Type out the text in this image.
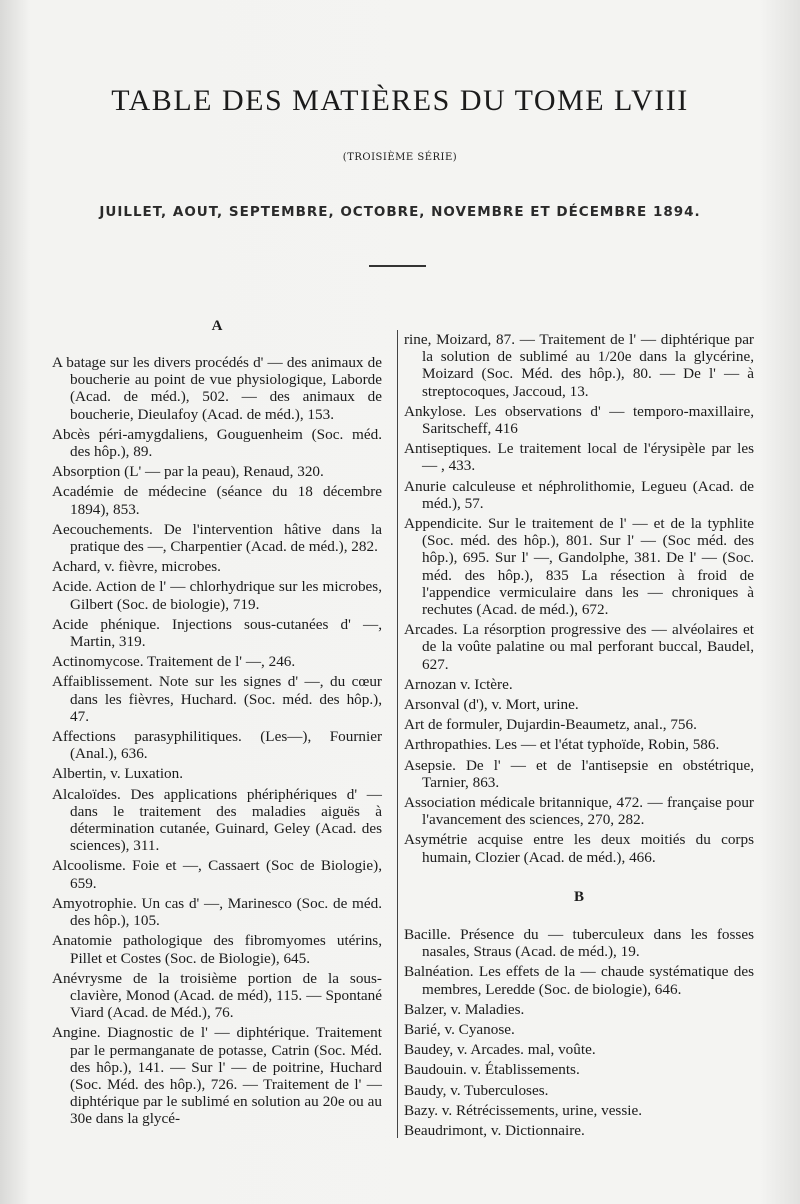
TABLE DES MATIÈRES DU TOME LVIII
(TROISIÈME SÉRIE)
JUILLET, AOUT, SEPTEMBRE, OCTOBRE, NOVEMBRE ET DÉCEMBRE 1894.
A

A batage sur les divers procédés d' — des animaux de boucherie au point de vue physiologique, Laborde (Acad. de méd.), 502. — des animaux de boucherie, Dieulafoy (Acad. de méd.), 153.

Abcès péri-amygdaliens, Gouguenheim (Soc. méd. des hôp.), 89.

Absorption (L' — par la peau), Renaud, 320.

Académie de médecine (séance du 18 décembre 1894), 853.

Aecouchements. De l'intervention hâtive dans la pratique des —, Charpentier (Acad. de méd.), 282.

Achard, v. fièvre, microbes.

Acide. Action de l' — chlorhydrique sur les microbes, Gilbert (Soc. de biologie), 719.

Acide phénique. Injections sous-cutanées d' —, Martin, 319.

Actinomycose. Traitement de l' —, 246.

Affaiblissement. Note sur les signes d' —, du cœur dans les fièvres, Huchard. (Soc. méd. des hôp.), 47.

Affections parasyphilitiques. (Les—), Fournier (Anal.), 636.

Albertin, v. Luxation.

Alcaloïdes. Des applications phériphériques d' — dans le traitement des maladies aiguës à détermination cutanée, Guinard, Geley (Acad. des sciences), 311.

Alcoolisme. Foie et —, Cassaert (Soc de Biologie), 659.

Amyotrophie. Un cas d' —, Marinesco (Soc. de méd. des hôp.), 105.

Anatomie pathologique des fibromyomes utérins, Pillet et Costes (Soc. de Biologie), 645.

Anévrysme de la troisième portion de la sous-clavière, Monod (Acad. de méd), 115. — Spontané Viard (Acad. de Méd.), 76.

Angine. Diagnostic de l' — diphtérique. Traitement par le permanganate de potasse, Catrin (Soc. Méd. des hôp.), 141. — Sur l' — de poitrine, Huchard (Soc. Méd. des hôp.), 726. — Traitement de l' — diphtérique par le sublimé en solution au 20e ou au 30e dans la glycé-

rine, Moizard, 87. — Traitement de l' — diphtérique par la solution de sublimé au 1/20e dans la glycérine, Moizard (Soc. Méd. des hôp.), 80. — De l' — à streptocoques, Jaccoud, 13.

Ankylose. Les observations d' — temporo-maxillaire, Saritscheff, 416

Antiseptiques. Le traitement local de l'érysipèle par les — , 433.

Anurie calculeuse et néphrolithomie, Legueu (Acad. de méd.), 57.

Appendicite. Sur le traitement de l' — et de la typhlite (Soc. méd. des hôp.), 801. Sur l' — (Soc méd. des hôp.), 695. Sur l' —, Gandolphe, 381. De l' — (Soc. méd. des hôp.), 835 La résection à froid de l'appendice vermiculaire dans les — chroniques à rechutes (Acad. de méd.), 672.

Arcades. La résorption progressive des — alvéolaires et de la voûte palatine ou mal perforant buccal, Baudel, 627.

Arnozan v. Ictère.

Arsonval (d'), v. Mort, urine.

Art de formuler, Dujardin-Beaumetz, anal., 756.

Arthropathies. Les — et l'état typhoïde, Robin, 586.

Asepsie. De l' — et de l'antisepsie en obstétrique, Tarnier, 863.

Association médicale britannique, 472. — française pour l'avancement des sciences, 270, 282.

Asymétrie acquise entre les deux moitiés du corps humain, Clozier (Acad. de méd.), 466.

B

Bacille. Présence du — tuberculeux dans les fosses nasales, Straus (Acad. de méd.), 19.

Balnéation. Les effets de la — chaude systématique des membres, Leredde (Soc. de biologie), 646.

Balzer, v. Maladies.

Barié, v. Cyanose.

Baudey, v. Arcades. mal, voûte.

Baudouin. v. Établissements.

Baudy, v. Tuberculoses.

Bazy. v. Rétrécissements, urine, vessie.

Beaudrimont, v. Dictionnaire.
